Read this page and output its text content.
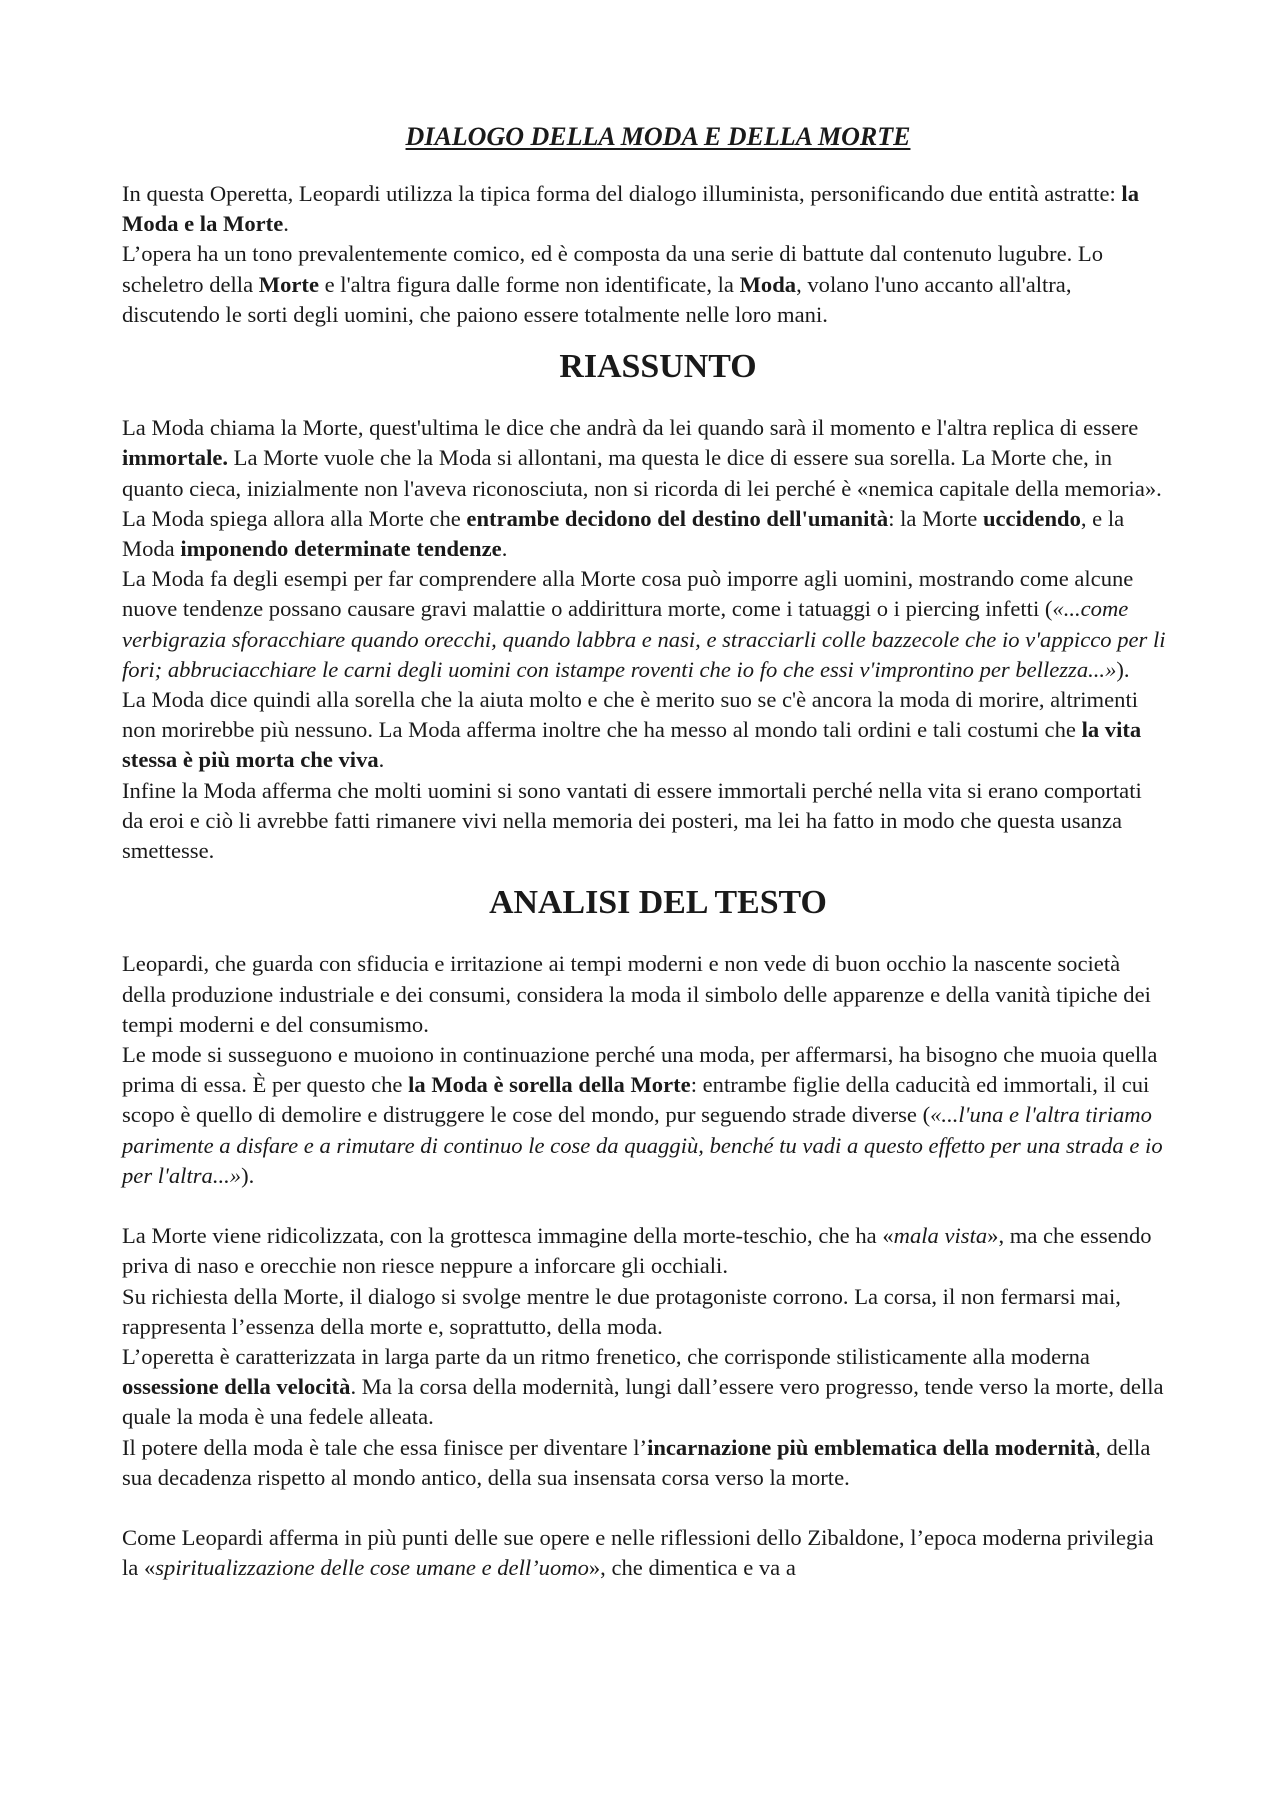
DIALOGO DELLA MODA E DELLA MORTE

In questa Operetta, Leopardi utilizza la tipica forma del dialogo illuminista, personificando due entità astratte: la Moda e la Morte.

L’opera ha un tono prevalentemente comico, ed è composta da una serie di battute dal contenuto lugubre. Lo scheletro della Morte e l'altra figura dalle forme non identificate, la Moda, volano l'uno accanto all'altra, discutendo le sorti degli uomini, che paiono essere totalmente nelle loro mani.

RIASSUNTO

La Moda chiama la Morte, quest'ultima le dice che andrà da lei quando sarà il momento e l'altra replica di essere immortale. La Morte vuole che la Moda si allontani, ma questa le dice di essere sua sorella. La Morte che, in quanto cieca, inizialmente non l'aveva riconosciuta, non si ricorda di lei perché è «nemica capitale della memoria».

La Moda spiega allora alla Morte che entrambe decidono del destino dell'umanità: la Morte uccidendo, e la Moda imponendo determinate tendenze.

La Moda fa degli esempi per far comprendere alla Morte cosa può imporre agli uomini, mostrando come alcune nuove tendenze possano causare gravi malattie o addirittura morte, come i tatuaggi o i piercing infetti («...come verbigrazia sforacchiare quando orecchi, quando labbra e nasi, e stracciarli colle bazzecole che io v'appicco per li fori; abbruciacchiare le carni degli uomini con istampe roventi che io fo che essi v'improntino per bellezza...»).

La Moda dice quindi alla sorella che la aiuta molto e che è merito suo se c'è ancora la moda di morire, altrimenti non morirebbe più nessuno. La Moda afferma inoltre che ha messo al mondo tali ordini e tali costumi che la vita stessa è più morta che viva.

Infine la Moda afferma che molti uomini si sono vantati di essere immortali perché nella vita si erano comportati da eroi e ciò li avrebbe fatti rimanere vivi nella memoria dei posteri, ma lei ha fatto in modo che questa usanza smettesse.

ANALISI DEL TESTO

Leopardi, che guarda con sfiducia e irritazione ai tempi moderni e non vede di buon occhio la nascente società della produzione industriale e dei consumi, considera la moda il simbolo delle apparenze e della vanità tipiche dei tempi moderni e del consumismo.

Le mode si susseguono e muoiono in continuazione perché una moda, per affermarsi, ha bisogno che muoia quella prima di essa. È per questo che la Moda è sorella della Morte: entrambe figlie della caducità ed immortali, il cui scopo è quello di demolire e distruggere le cose del mondo, pur seguendo strade diverse («...l'una e l'altra tiriamo parimente a disfare e a rimutare di continuo le cose da quaggiù, benché tu vadi a questo effetto per una strada e io per l'altra...»).

La Morte viene ridicolizzata, con la grottesca immagine della morte-teschio, che ha «mala vista», ma che essendo priva di naso e orecchie non riesce neppure a inforcare gli occhiali.

Su richiesta della Morte, il dialogo si svolge mentre le due protagoniste corrono. La corsa, il non fermarsi mai, rappresenta l’essenza della morte e, soprattutto, della moda.

L’operetta è caratterizzata in larga parte da un ritmo frenetico, che corrisponde stilisticamente alla moderna ossessione della velocità. Ma la corsa della modernità, lungi dall’essere vero progresso, tende verso la morte, della quale la moda è una fedele alleata.

Il potere della moda è tale che essa finisce per diventare l’incarnazione più emblematica della modernità, della sua decadenza rispetto al mondo antico, della sua insensata corsa verso la morte.

Come Leopardi afferma in più punti delle sue opere e nelle riflessioni dello Zibaldone, l’epoca moderna privilegia la «spiritualizzazione delle cose umane e dell’uomo», che dimentica e va a
